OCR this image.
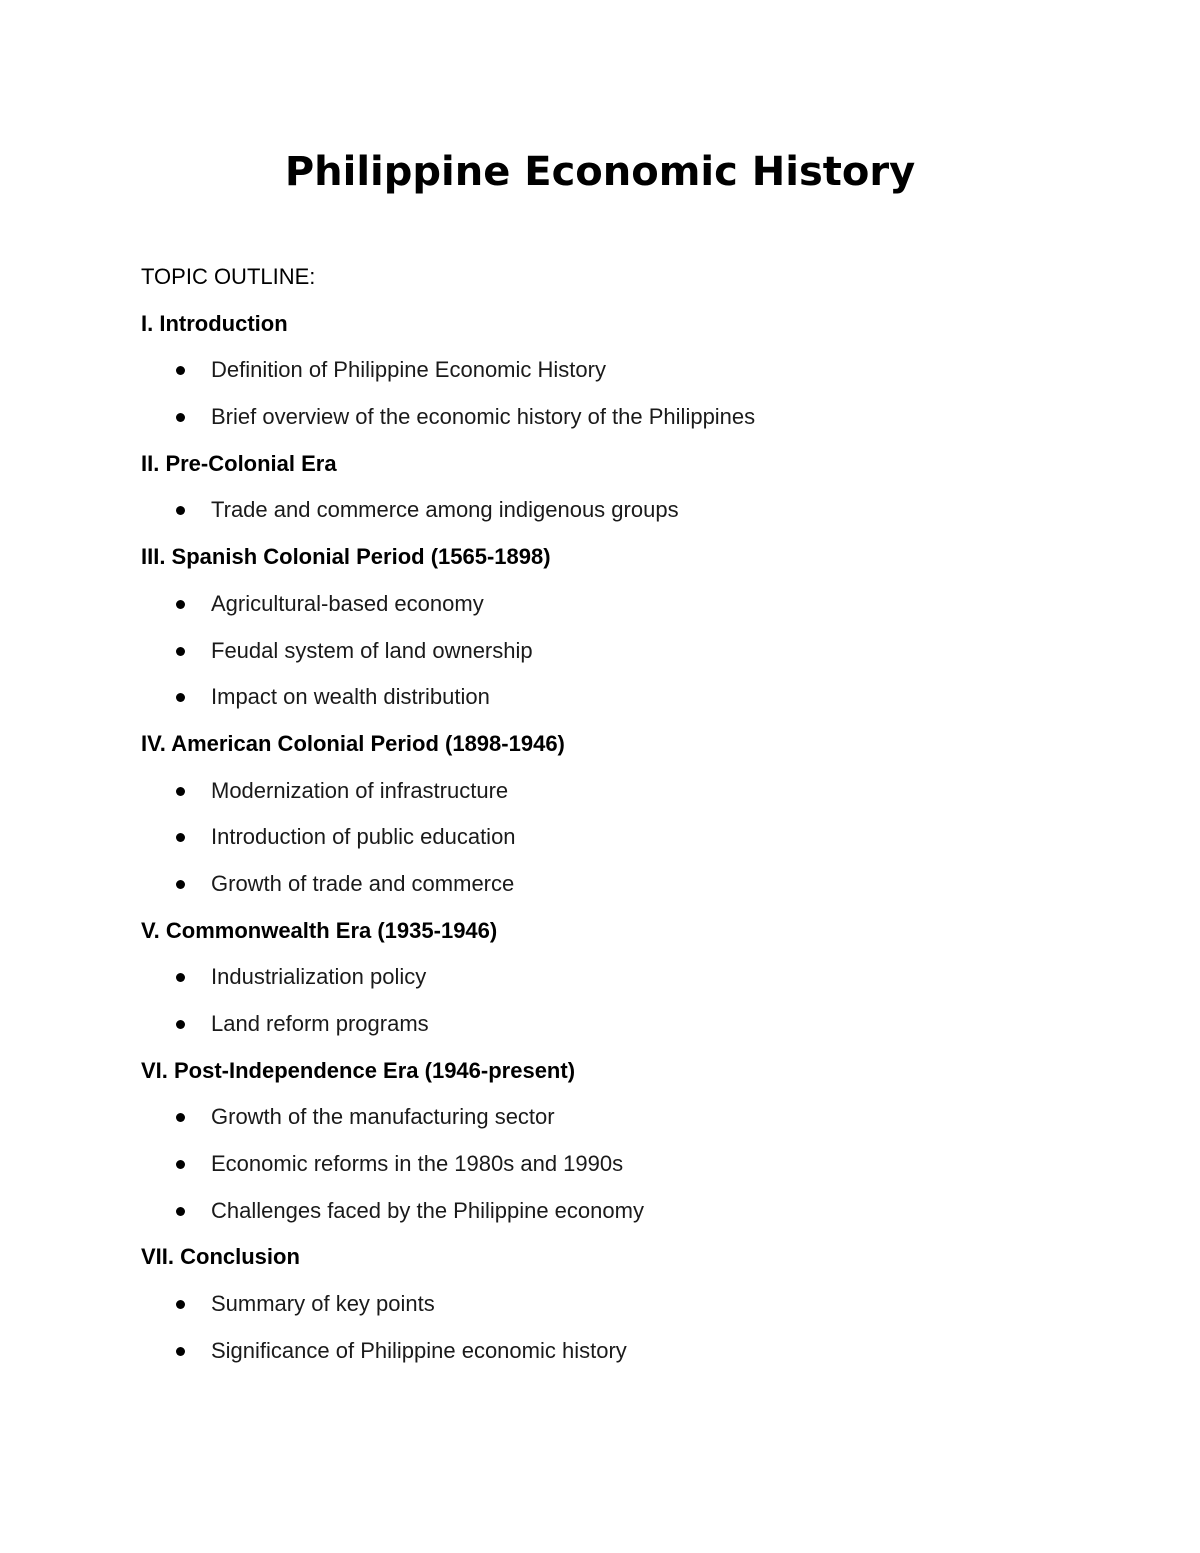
Philippine Economic History
TOPIC OUTLINE:
I. Introduction
Definition of Philippine Economic History
Brief overview of the economic history of the Philippines
II. Pre-Colonial Era
Trade and commerce among indigenous groups
III. Spanish Colonial Period (1565-1898)
Agricultural-based economy
Feudal system of land ownership
Impact on wealth distribution
IV. American Colonial Period (1898-1946)
Modernization of infrastructure
Introduction of public education
Growth of trade and commerce
V. Commonwealth Era (1935-1946)
Industrialization policy
Land reform programs
VI. Post-Independence Era (1946-present)
Growth of the manufacturing sector
Economic reforms in the 1980s and 1990s
Challenges faced by the Philippine economy
VII. Conclusion
Summary of key points
Significance of Philippine economic history
